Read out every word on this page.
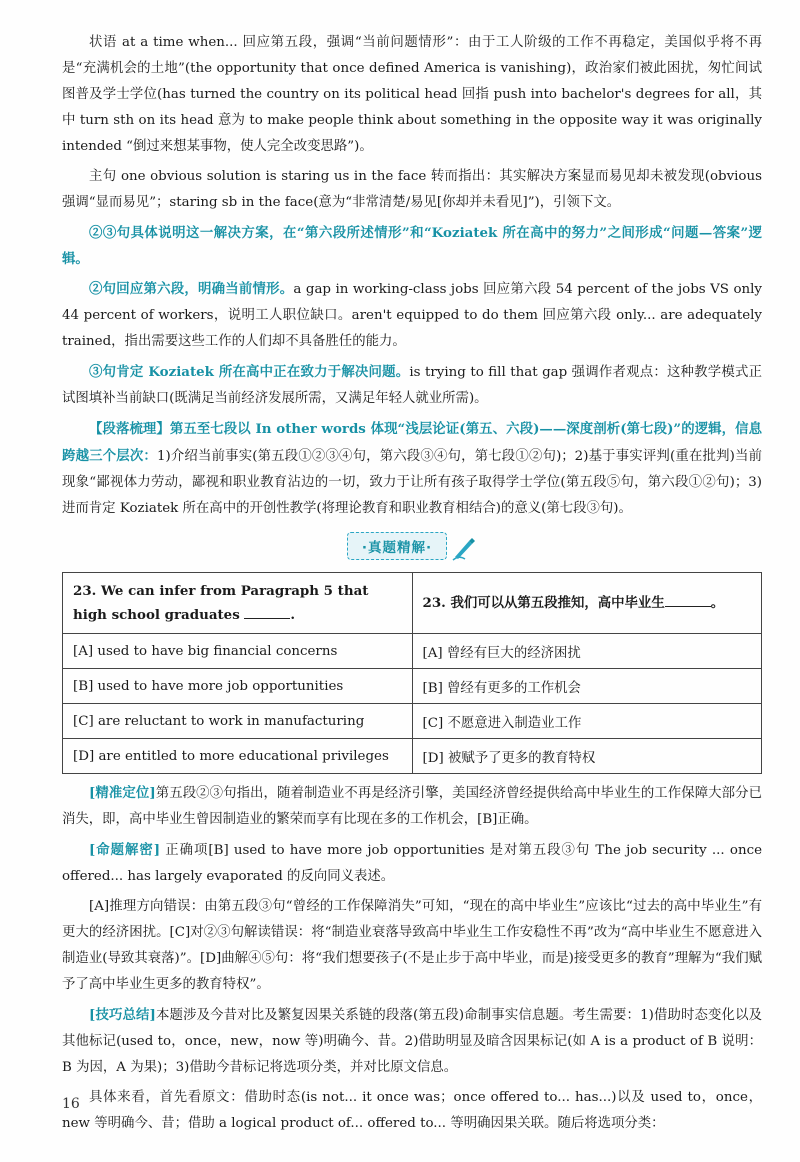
状语 at a time when... 回应第五段，强调“当前问题情形”：由于工人阶级的工作不再稳定，美国似乎将不再是“充满机会的土地”(the opportunity that once defined America is vanishing)，政治家们被此困扰，匆忙间试图普及学士学位(has turned the country on its political head 回指 push into bachelor's degrees for all，其中 turn sth on its head 意为 to make people think about something in the opposite way it was originally intended “倒过来想某事物，使人完全改变思路”)。

主句 one obvious solution is staring us in the face 转而指出：其实解决方案显而易见却未被发现(obvious 强调“显而易见”；staring sb in the face(意为“非常清楚/易见[你却并未看见]”)，引领下文。

②③句具体说明这一解决方案，在“第六段所述情形”和“Koziatek 所在高中的努力”之间形成“问题—答案”逻辑。

②句回应第六段，明确当前情形。a gap in working-class jobs 回应第六段 54 percent of the jobs VS only 44 percent of workers，说明工人职位缺口。aren't equipped to do them 回应第六段 only... are adequately trained，指出需要这些工作的人们却不具备胜任的能力。

③句肯定 Koziatek 所在高中正在致力于解决问题。is trying to fill that gap 强调作者观点：这种教学模式正试图填补当前缺口(既满足当前经济发展所需，又满足年轻人就业所需)。

【段落梳理】第五至七段以 In other words 体现“浅层论证(第五、六段)——深度剖析(第七段)”的逻辑，信息跨越三个层次：1)介绍当前事实(第五段①②③④句，第六段③④句，第七段①②句)；2)基于事实评判(重在批判)当前现象“鄙视体力劳动，鄙视和职业教育沾边的一切，致力于让所有孩子取得学士学位(第五段⑤句，第六段①②句)；3)进而肯定 Koziatek 所在高中的开创性教学(将理论教育和职业教育相结合)的意义(第七段③句)。

·真题精解·
23. We can infer from Paragraph 5 that high school graduates .	23. 我们可以从第五段推知，高中毕业生 。
[A] used to have big financial concerns	[A] 曾经有巨大的经济困扰
[B] used to have more job opportunities	[B] 曾经有更多的工作机会
[C] are reluctant to work in manufacturing	[C] 不愿意进入制造业工作
[D] are entitled to more educational privileges	[D] 被赋予了更多的教育特权

[精准定位]第五段②③句指出，随着制造业不再是经济引擎，美国经济曾经提供给高中毕业生的工作保障大部分已消失，即，高中毕业生曾因制造业的繁荣而享有比现在多的工作机会，[B]正确。

[命题解密] 正确项[B] used to have more job opportunities 是对第五段③句 The job security ... once offered... has largely evaporated 的反向同义表述。

[A]推理方向错误：由第五段③句“曾经的工作保障消失”可知，“现在的高中毕业生”应该比“过去的高中毕业生”有更大的经济困扰。[C]对②③句解读错误：将“制造业衰落导致高中毕业生工作安稳性不再”改为“高中毕业生不愿意进入制造业(导致其衰落)”。[D]曲解④⑤句：将“我们想要孩子(不是止步于高中毕业，而是)接受更多的教育”理解为“我们赋予了高中毕业生更多的教育特权”。

[技巧总结]本题涉及今昔对比及繁复因果关系链的段落(第五段)命制事实信息题。考生需要：1)借助时态变化以及其他标记(used to，once，new，now 等)明确今、昔。2)借助明显及暗含因果标记(如 A is a product of B 说明：B 为因，A 为果)；3)借助今昔标记将选项分类，并对比原文信息。

具体来看，首先看原文：借助时态(is not... it once was；once offered to... has...)以及 used to，once，new 等明确今、昔；借助 a logical product of... offered to... 等明确因果关联。随后将选项分类：

16
